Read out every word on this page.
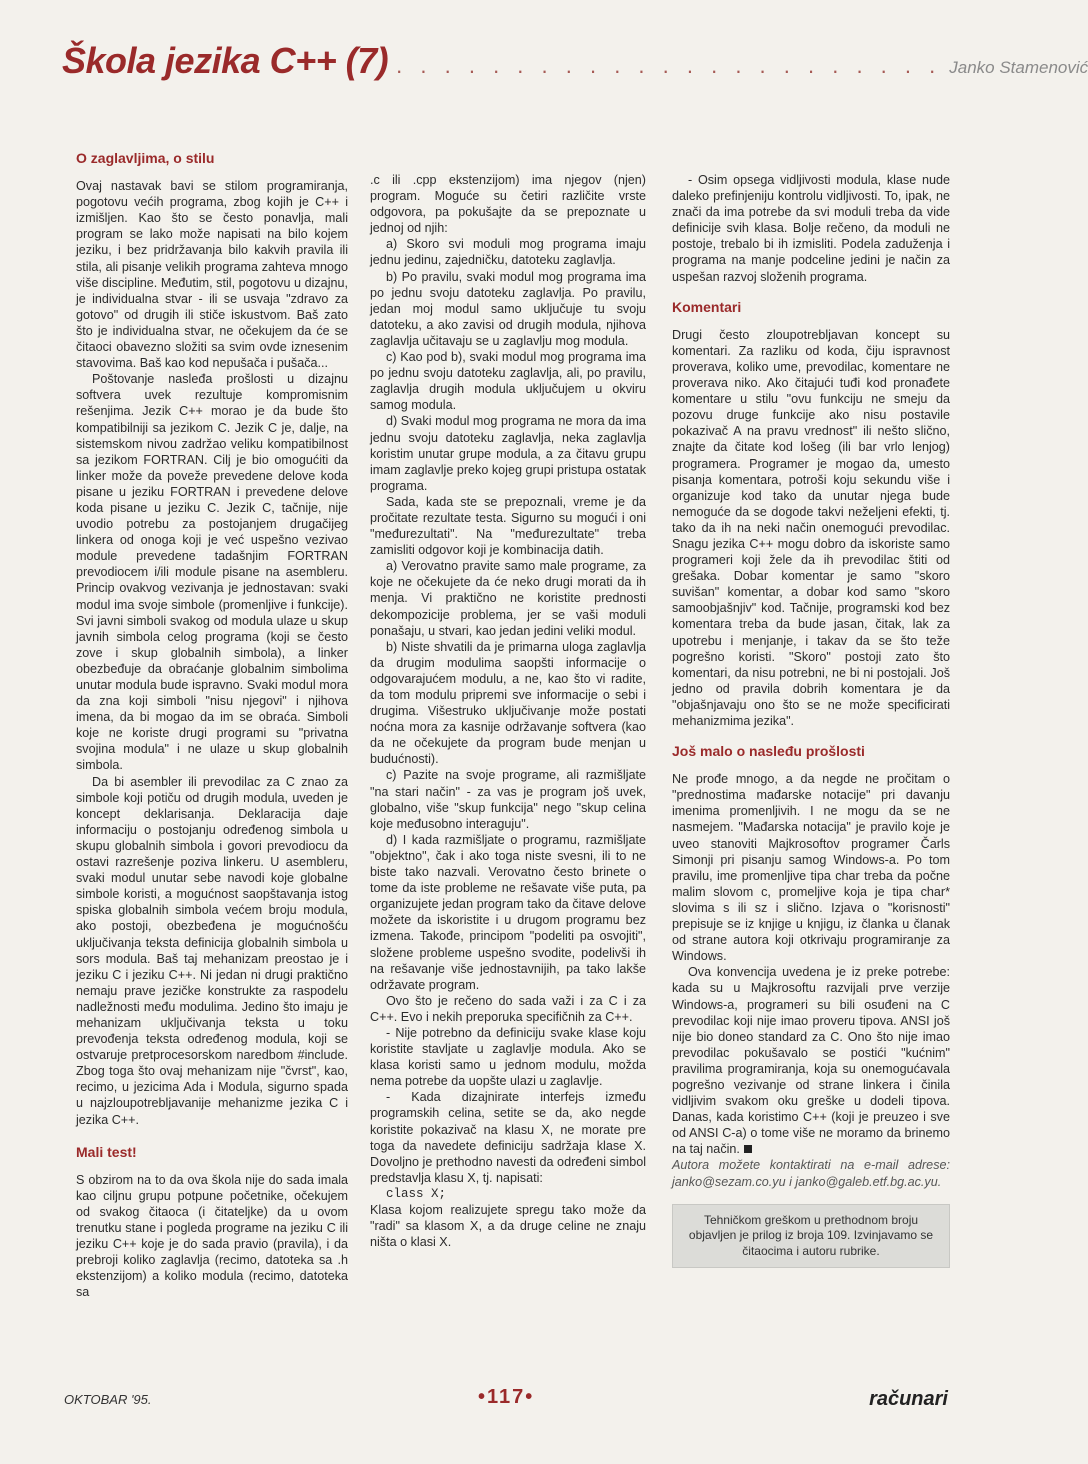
Škola jezika C++ (7) . . . . . . . . . . . . . . . . . . . . . . . Janko Stamenović
O zaglavljima, o stilu

Ovaj nastavak bavi se stilom programiranja, pogotovu većih programa, zbog kojih je C++ i izmišljen. Kao što se često ponavlja, mali program se lako može napisati na bilo kojem jeziku, i bez pridržavanja bilo kakvih pravila ili stila, ali pisanje velikih programa zahteva mnogo više discipline. Međutim, stil, pogotovu u dizajnu, je individualna stvar - ili se usvaja "zdravo za gotovo" od drugih ili stiče iskustvom. Baš zato što je individualna stvar, ne očekujem da će se čitaoci obavezno složiti sa svim ovde iznesenim stavovima. Baš kao kod nepušača i pušača...

Poštovanje nasleđa prošlosti u dizajnu softvera uvek rezultuje kompromisnim rešenjima. Jezik C++ morao je da bude što kompatibilniji sa jezikom C. Jezik C je, dalje, na sistemskom nivou zadržao veliku kompatibilnost sa jezikom FORTRAN. Cilj je bio omogućiti da linker može da poveže prevedene delove koda pisane u jeziku FORTRAN i prevedene delove koda pisane u jeziku C. Jezik C, tačnije, nije uvodio potrebu za postojanjem drugačijeg linkera od onoga koji je već uspešno vezivao module prevedene tadašnjim FORTRAN prevodiocem i/ili module pisane na asembleru. Princip ovakvog vezivanja je jednostavan: svaki modul ima svoje simbole (promenljive i funkcije). Svi javni simboli svakog od modula ulaze u skup javnih simbola celog programa (koji se često zove i skup globalnih simbola), a linker obezbeđuje da obraćanje globalnim simbolima unutar modula bude ispravno. Svaki modul mora da zna koji simboli "nisu njegovi" i njihova imena, da bi mogao da im se obraća. Simboli koje ne koriste drugi programi su "privatna svojina modula" i ne ulaze u skup globalnih simbola.

Da bi asembler ili prevodilac za C znao za simbole koji potiču od drugih modula, uveden je koncept deklarisanja. Deklaracija daje informaciju o postojanju određenog simbola u skupu globalnih simbola i govori prevodiocu da ostavi razrešenje poziva linkeru. U asembleru, svaki modul unutar sebe navodi koje globalne simbole koristi, a mogućnost saopštavanja istog spiska globalnih simbola većem broju modula, ako postoji, obezbeđena je mogućnošću uključivanja teksta definicija globalnih simbola u sors modula. Baš taj mehanizam preostao je i jeziku C i jeziku C++. Ni jedan ni drugi praktično nemaju prave jezičke konstrukte za raspodelu nadležnosti među modulima. Jedino što imaju je mehanizam uključivanja teksta u toku prevođenja teksta određenog modula, koji se ostvaruje pretprocesorskom naredbom #include. Zbog toga što ovaj mehanizam nije "čvrst", kao, recimo, u jezicima Ada i Modula, sigurno spada u najzloupotrebljavanije mehanizme jezika C i jezika C++.

Mali test!

S obzirom na to da ova škola nije do sada imala kao ciljnu grupu potpune početnike, očekujem od svakog čitaoca (i čitateljke) da u ovom trenutku stane i pogleda programe na jeziku C ili jeziku C++ koje je do sada pravio (pravila), i da prebroji koliko zaglavlja (recimo, datoteka sa .h ekstenzijom) a koliko modula (recimo, datoteka sa

.c ili .cpp ekstenzijom) ima njegov (njen) program. Moguće su četiri različite vrste odgovora, pa pokušajte da se prepoznate u jednoj od njih:

a) Skoro svi moduli mog programa imaju jednu jedinu, zajedničku, datoteku zaglavlja.

b) Po pravilu, svaki modul mog programa ima po jednu svoju datoteku zaglavlja. Po pravilu, jedan moj modul samo uključuje tu svoju datoteku, a ako zavisi od drugih modula, njihova zaglavlja učitavaju se u zaglavlju mog modula.

c) Kao pod b), svaki modul mog programa ima po jednu svoju datoteku zaglavlja, ali, po pravilu, zaglavlja drugih modula uključujem u okviru samog modula.

d) Svaki modul mog programa ne mora da ima jednu svoju datoteku zaglavlja, neka zaglavlja koristim unutar grupe modula, a za čitavu grupu imam zaglavlje preko kojeg grupi pristupa ostatak programa.

Sada, kada ste se prepoznali, vreme je da pročitate rezultate testa. Sigurno su mogući i oni "međurezultati". Na "međurezultate" treba zamisliti odgovor koji je kombinacija datih.

a) Verovatno pravite samo male programe, za koje ne očekujete da će neko drugi morati da ih menja. Vi praktično ne koristite prednosti dekompozicije problema, jer se vaši moduli ponašaju, u stvari, kao jedan jedini veliki modul.

b) Niste shvatili da je primarna uloga zaglavlja da drugim modulima saopšti informacije o odgovarajućem modulu, a ne, kao što vi radite, da tom modulu pripremi sve informacije o sebi i drugima. Višestruko uključivanje može postati noćna mora za kasnije održavanje softvera (kao da ne očekujete da program bude menjan u budućnosti).

c) Pazite na svoje programe, ali razmišljate "na stari način" - za vas je program još uvek, globalno, više "skup funkcija" nego "skup celina koje međusobno interaguju".

d) I kada razmišljate o programu, razmišljate "objektno", čak i ako toga niste svesni, ili to ne biste tako nazvali. Verovatno često brinete o tome da iste probleme ne rešavate više puta, pa organizujete jedan program tako da čitave delove možete da iskoristite i u drugom programu bez izmena. Takođe, principom "podeliti pa osvojiti", složene probleme uspešno svodite, podelivši ih na rešavanje više jednostavnijih, pa tako lakše održavate program.

Ovo što je rečeno do sada važi i za C i za C++. Evo i nekih preporuka specifičnih za C++.

- Nije potrebno da definiciju svake klase koju koristite stavljate u zaglavlje modula. Ako se klasa koristi samo u jednom modulu, možda nema potrebe da uopšte ulazi u zaglavlje.

- Kada dizajnirate interfejs između programskih celina, setite se da, ako negde koristite pokazivač na klasu X, ne morate pre toga da navedete definiciju sadržaja klase X. Dovoljno je prethodno navesti da određeni simbol predstavlja klasu X, tj. napisati:

class X;

Klasa kojom realizujete spregu tako može da "radi" sa klasom X, a da druge celine ne znaju ništa o klasi X.

- Osim opsega vidljivosti modula, klase nude daleko prefinjeniju kontrolu vidljivosti. To, ipak, ne znači da ima potrebe da svi moduli treba da vide definicije svih klasa. Bolje rečeno, da moduli ne postoje, trebalo bi ih izmisliti. Podela zaduženja i programa na manje podceline jedini je način za uspešan razvoj složenih programa.

Komentari

Drugi često zloupotrebljavan koncept su komentari. Za razliku od koda, čiju ispravnost proverava, koliko ume, prevodilac, komentare ne proverava niko. Ako čitajući tuđi kod pronađete komentare u stilu "ovu funkciju ne smeju da pozovu druge funkcije ako nisu postavile pokazivač A na pravu vrednost" ili nešto slično, znajte da čitate kod lošeg (ili bar vrlo lenjog) programera. Programer je mogao da, umesto pisanja komentara, potroši koju sekundu više i organizuje kod tako da unutar njega bude nemoguće da se dogode takvi neželjeni efekti, tj. tako da ih na neki način onemogući prevodilac. Snagu jezika C++ mogu dobro da iskoriste samo programeri koji žele da ih prevodilac štiti od grešaka. Dobar komentar je samo "skoro suvišan" komentar, a dobar kod samo "skoro samoobjašnjiv" kod. Tačnije, programski kod bez komentara treba da bude jasan, čitak, lak za upotrebu i menjanje, i takav da se što teže pogrešno koristi. "Skoro" postoji zato što komentari, da nisu potrebni, ne bi ni postojali. Još jedno od pravila dobrih komentara je da "objašnjavaju ono što se ne može specificirati mehanizmima jezika".

Još malo o nasleđu prošlosti

Ne prođe mnogo, a da negde ne pročitam o "prednostima mađarske notacije" pri davanju imenima promenljivih. I ne mogu da se ne nasmejem. "Mađarska notacija" je pravilo koje je uveo stanoviti Majkrosoftov programer Čarls Simonji pri pisanju samog Windows-a. Po tom pravilu, ime promenljive tipa char treba da počne malim slovom c, promeljive koja je tipa char* slovima s ili sz i slično. Izjava o "korisnosti" prepisuje se iz knjige u knjigu, iz članka u članak od strane autora koji otkrivaju programiranje za Windows.

Ova konvencija uvedena je iz preke potrebe: kada su u Majkrosoftu razvijali prve verzije Windows-a, programeri su bili osuđeni na C prevodilac koji nije imao proveru tipova. ANSI još nije bio doneo standard za C. Ono što nije imao prevodilac pokušavalo se postići "kućnim" pravilima programiranja, koja su onemogućavala pogrešno vezivanje od strane linkera i činila vidljivim svakom oku greške u dodeli tipova. Danas, kada koristimo C++ (koji je preuzeo i sve od ANSI C-a) o tome više ne moramo da brinemo na taj način.

Autora možete kontaktirati na e-mail adrese: janko@sezam.co.yu i janko@galeb.etf.bg.ac.yu.

Tehničkom greškom u prethodnom broju objavljen je prilog iz broja 109. Izvinjavamo se čitaocima i autoru rubrike.
OKTOBAR '95.	•117•	računari
